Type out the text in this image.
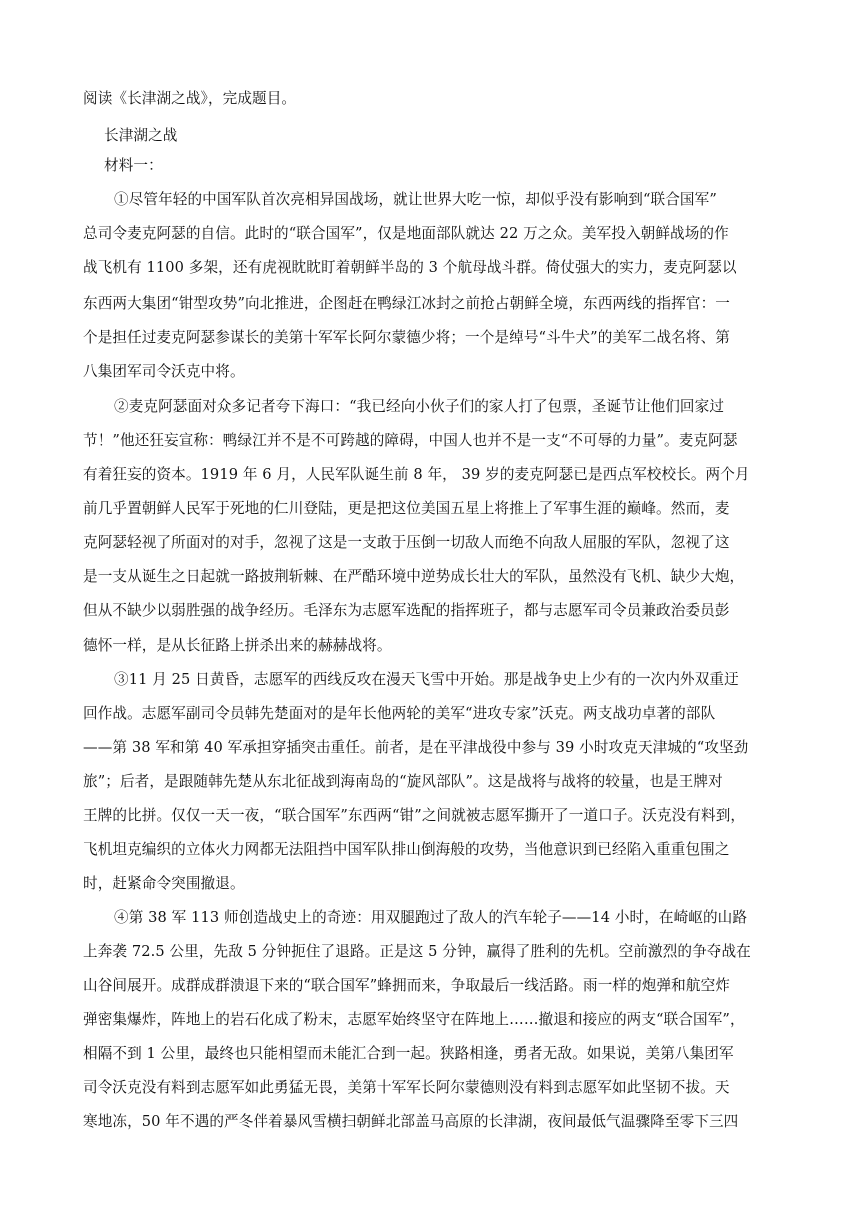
阅读《长津湖之战》，完成题目。
长津湖之战
材料一：
①尽管年轻的中国军队首次亮相异国战场，就让世界大吃一惊，却似乎没有影响到“联合国军”
总司令麦克阿瑟的自信。此时的“联合国军”，仅是地面部队就达 22 万之众。美军投入朝鲜战场的作
战飞机有 1100 多架，还有虎视眈眈盯着朝鲜半岛的 3 个航母战斗群。倚仗强大的实力，麦克阿瑟以
东西两大集团“钳型攻势”向北推进，企图赶在鸭绿江冰封之前抢占朝鲜全境，东西两线的指挥官：一
个是担任过麦克阿瑟参谋长的美第十军军长阿尔蒙德少将；一个是绰号“斗牛犬”的美军二战名将、第
八集团军司令沃克中将。
②麦克阿瑟面对众多记者夸下海口：“我已经向小伙子们的家人打了包票，圣诞节让他们回家过
节！”他还狂妄宣称：鸭绿江并不是不可跨越的障碍，中国人也并不是一支“不可辱的力量”。麦克阿瑟
有着狂妄的资本。1919 年 6 月，人民军队诞生前 8 年， 39 岁的麦克阿瑟已是西点军校校长。两个月
前几乎置朝鲜人民军于死地的仁川登陆，更是把这位美国五星上将推上了军事生涯的巅峰。然而，麦
克阿瑟轻视了所面对的对手，忽视了这是一支敢于压倒一切敌人而绝不向敌人屈服的军队，忽视了这
是一支从诞生之日起就一路披荆斩棘、在严酷环境中逆势成长壮大的军队，虽然没有飞机、缺少大炮，
但从不缺少以弱胜强的战争经历。毛泽东为志愿军选配的指挥班子，都与志愿军司令员兼政治委员彭
德怀一样，是从长征路上拼杀出来的赫赫战将。
③11 月 25 日黄昏，志愿军的西线反攻在漫天飞雪中开始。那是战争史上少有的一次内外双重迂
回作战。志愿军副司令员韩先楚面对的是年长他两轮的美军“进攻专家”沃克。两支战功卓著的部队
——第 38 军和第 40 军承担穿插突击重任。前者，是在平津战役中参与 39 小时攻克天津城的“攻坚劲
旅”；后者，是跟随韩先楚从东北征战到海南岛的“旋风部队”。这是战将与战将的较量，也是王牌对
王牌的比拼。仅仅一天一夜，“联合国军”东西两“钳”之间就被志愿军撕开了一道口子。沃克没有料到，
飞机坦克编织的立体火力网都无法阻挡中国军队排山倒海般的攻势，当他意识到已经陷入重重包围之
时，赶紧命令突围撤退。
④第 38 军 113 师创造战史上的奇迹：用双腿跑过了敌人的汽车轮子——14 小时，在崎岖的山路
上奔袭 72.5 公里，先敌 5 分钟扼住了退路。正是这 5 分钟，赢得了胜利的先机。空前激烈的争夺战在
山谷间展开。成群成群溃退下来的“联合国军”蜂拥而来，争取最后一线活路。雨一样的炮弹和航空炸
弹密集爆炸，阵地上的岩石化成了粉末，志愿军始终坚守在阵地上……撤退和接应的两支“联合国军”，
相隔不到 1 公里，最终也只能相望而未能汇合到一起。狭路相逢，勇者无敌。如果说，美第八集团军
司令沃克没有料到志愿军如此勇猛无畏，美第十军军长阿尔蒙德则没有料到志愿军如此坚韧不拔。天
寒地冻，50 年不遇的严冬伴着暴风雪横扫朝鲜北部盖马高原的长津湖，夜间最低气温骤降至零下三四
